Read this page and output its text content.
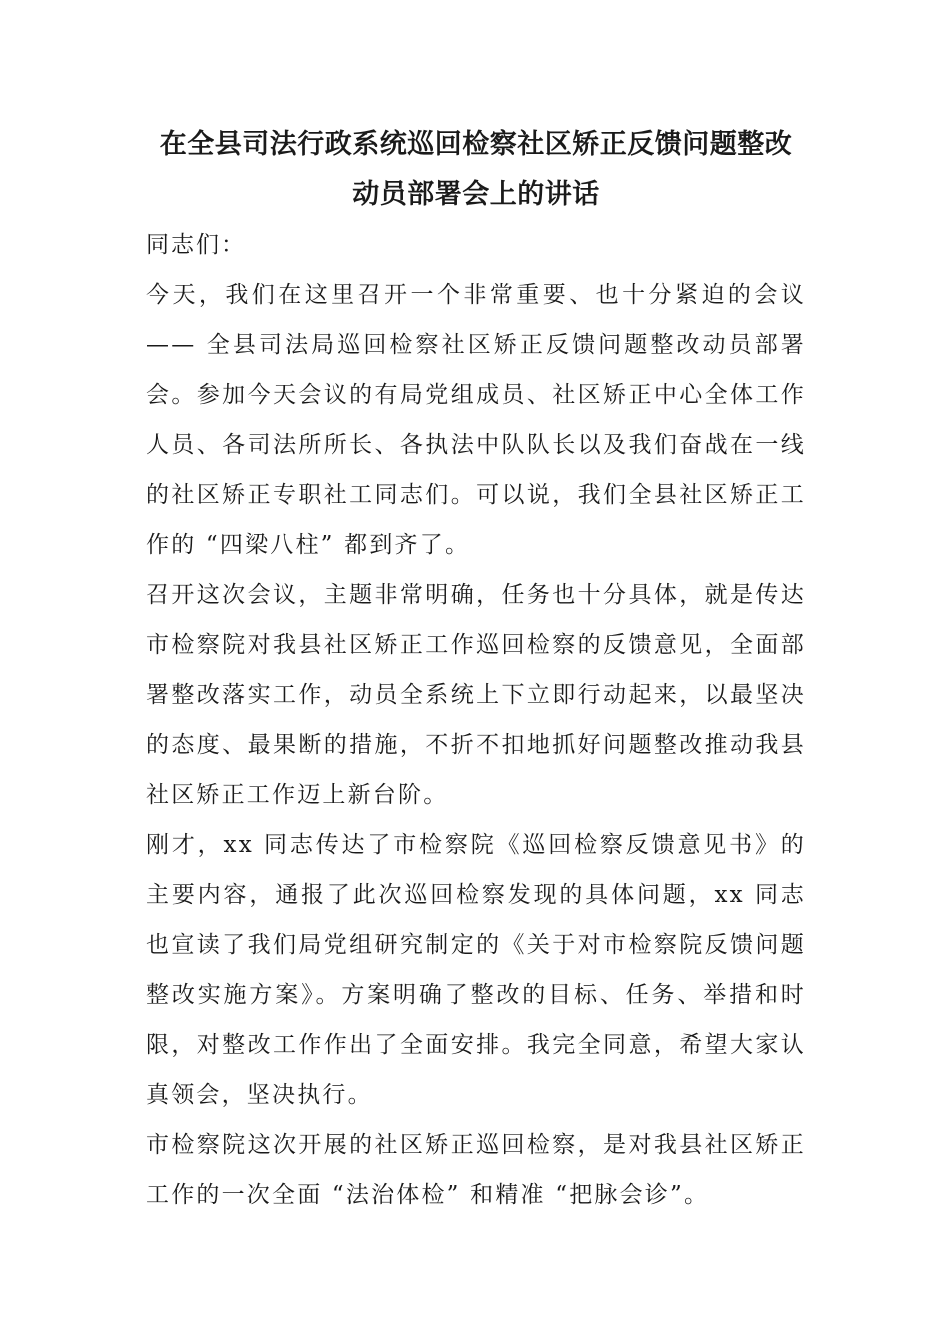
在全县司法行政系统巡回检察社区矫正反馈问题整改
动员部署会上的讲话

同志们：

今天，我们在这里召开一个非常重要、也十分紧迫的会议—— 全县司法局巡回检察社区矫正反馈问题整改动员部署会。参加今天会议的有局党组成员、社区矫正中心全体工作人员、各司法所所长、各执法中队队长以及我们奋战在一线的社区矫正专职社工同志们。可以说，我们全县社区矫正工作的 “四梁八柱” 都到齐了。

召开这次会议，主题非常明确，任务也十分具体，就是传达市检察院对我县社区矫正工作巡回检察的反馈意见，全面部署整改落实工作，动员全系统上下立即行动起来，以最坚决的态度、最果断的措施，不折不扣地抓好问题整改推动我县社区矫正工作迈上新台阶。

刚才，xx 同志传达了市检察院《巡回检察反馈意见书》的主要内容，通报了此次巡回检察发现的具体问题，xx 同志也宣读了我们局党组研究制定的《关于对市检察院反馈问题整改实施方案》。方案明确了整改的目标、任务、举措和时限，对整改工作作出了全面安排。我完全同意，希望大家认真领会，坚决执行。

市检察院这次开展的社区矫正巡回检察，是对我县社区矫正工作的一次全面 “法治体检” 和精准 “把脉会诊”。
